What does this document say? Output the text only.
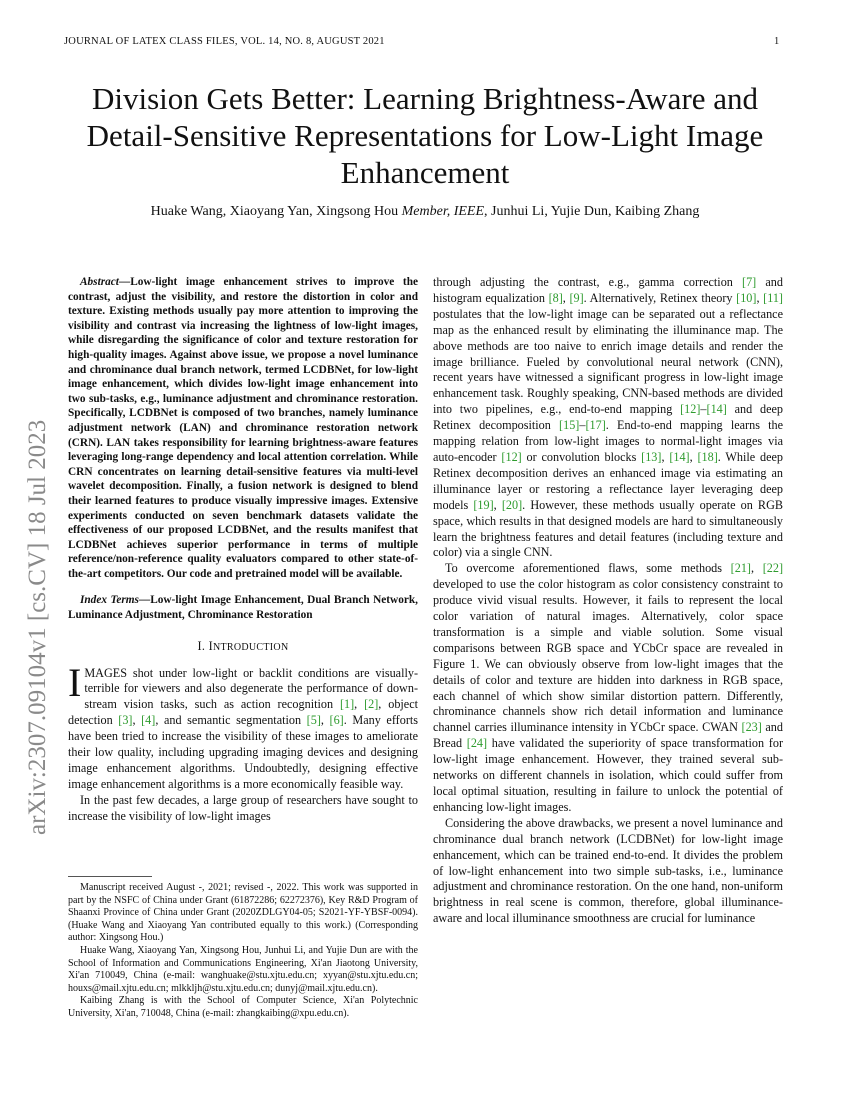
JOURNAL OF LATEX CLASS FILES, VOL. 14, NO. 8, AUGUST 2021	1
Division Gets Better: Learning Brightness-Aware and Detail-Sensitive Representations for Low-Light Image Enhancement
Huake Wang, Xiaoyang Yan, Xingsong Hou Member, IEEE, Junhui Li, Yujie Dun, Kaibing Zhang
arXiv:2307.09104v1 [cs.CV] 18 Jul 2023

Abstract—Low-light image enhancement strives to improve the contrast, adjust the visibility, and restore the distortion in color and texture. Existing methods usually pay more attention to improving the visibility and contrast via increasing the lightness of low-light images, while disregarding the significance of color and texture restoration for high-quality images. Against above issue, we propose a novel luminance and chrominance dual branch network, termed LCDBNet, for low-light image enhancement, which divides low-light image enhancement into two sub-tasks, e.g., luminance adjustment and chrominance restoration. Specifically, LCDBNet is composed of two branches, namely luminance adjustment network (LAN) and chrominance restoration network (CRN). LAN takes responsibility for learning brightness-aware features leveraging long-range dependency and local attention correlation. While CRN concentrates on learning detail-sensitive features via multi-level wavelet decomposition. Finally, a fusion network is designed to blend their learned features to produce visually impressive images. Extensive experiments conducted on seven benchmark datasets validate the effectiveness of our proposed LCDBNet, and the results manifest that LCDBNet achieves superior performance in terms of multiple reference/non-reference quality evaluators compared to other state-of-the-art competitors. Our code and pretrained model will be available.

Index Terms—Low-light Image Enhancement, Dual Branch Network, Luminance Adjustment, Chrominance Restoration

I. INTRODUCTION

IMAGES shot under low-light or backlit conditions are visually-terrible for viewers and also degenerate the performance of down-stream vision tasks, such as action recognition [1], [2], object detection [3], [4], and semantic segmentation [5], [6]. Many efforts have been tried to increase the visibility of these images to ameliorate their low quality, including upgrading imaging devices and designing image enhancement algorithms. Undoubtedly, designing effective image enhancement algorithms is a more economically feasible way.

In the past few decades, a large group of researchers have sought to increase the visibility of low-light images

Manuscript received August -, 2021; revised -, 2022. This work was supported in part by the NSFC of China under Grant (61872286; 62272376), Key R&D Program of Shaanxi Province of China under Grant (2020ZDLGY04-05; S2021-YF-YBSF-0094). (Huake Wang and Xiaoyang Yan contributed equally to this work.) (Corresponding author: Xingsong Hou.)

Huake Wang, Xiaoyang Yan, Xingsong Hou, Junhui Li, and Yujie Dun are with the School of Information and Communications Engineering, Xi'an Jiaotong University, Xi'an 710049, China (e-mail: wanghuake@stu.xjtu.edu.cn; xyyan@stu.xjtu.edu.cn; houxs@mail.xjtu.edu.cn; mlkkljh@stu.xjtu.edu.cn; dunyj@mail.xjtu.edu.cn).

Kaibing Zhang is with the School of Computer Science, Xi'an Polytechnic University, Xi'an, 710048, China (e-mail: zhangkaibing@xpu.edu.cn).

through adjusting the contrast, e.g., gamma correction [7] and histogram equalization [8], [9]. Alternatively, Retinex theory [10], [11] postulates that the low-light image can be separated out a reflectance map as the enhanced result by eliminating the illuminance map. The above methods are too naive to enrich image details and render the image brilliance. Fueled by convolutional neural network (CNN), recent years have witnessed a significant progress in low-light image enhancement task. Roughly speaking, CNN-based methods are divided into two pipelines, e.g., end-to-end mapping [12]–[14] and deep Retinex decomposition [15]–[17]. End-to-end mapping learns the mapping relation from low-light images to normal-light images via auto-encoder [12] or convolution blocks [13], [14], [18]. While deep Retinex decomposition derives an enhanced image via estimating an illuminance layer or restoring a reflectance layer leveraging deep models [19], [20]. However, these methods usually operate on RGB space, which results in that designed models are hard to simultaneously learn the brightness features and detail features (including texture and color) via a single CNN.

To overcome aforementioned flaws, some methods [21], [22] developed to use the color histogram as color consistency constraint to produce vivid visual results. However, it fails to represent the local color variation of natural images. Alternatively, color space transformation is a simple and viable solution. Some visual comparisons between RGB space and YCbCr space are revealed in Figure 1. We can obviously observe from low-light images that the details of color and texture are hidden into darkness in RGB space, each channel of which show similar distortion pattern. Differently, chrominance channels show rich detail information and luminance channel carries illuminance intensity in YCbCr space. CWAN [23] and Bread [24] have validated the superiority of space transformation for low-light image enhancement. However, they trained several sub-networks on different channels in isolation, which could suffer from local optimal situation, resulting in failure to unlock the potential of enhancing low-light images.

Considering the above drawbacks, we present a novel luminance and chrominance dual branch network (LCDBNet) for low-light image enhancement, which can be trained end-to-end. It divides the problem of low-light enhancement into two simple sub-tasks, i.e., luminance adjustment and chrominance restoration. On the one hand, non-uniform brightness in real scene is common, therefore, global illuminance-aware and local illuminance smoothness are crucial for luminance
